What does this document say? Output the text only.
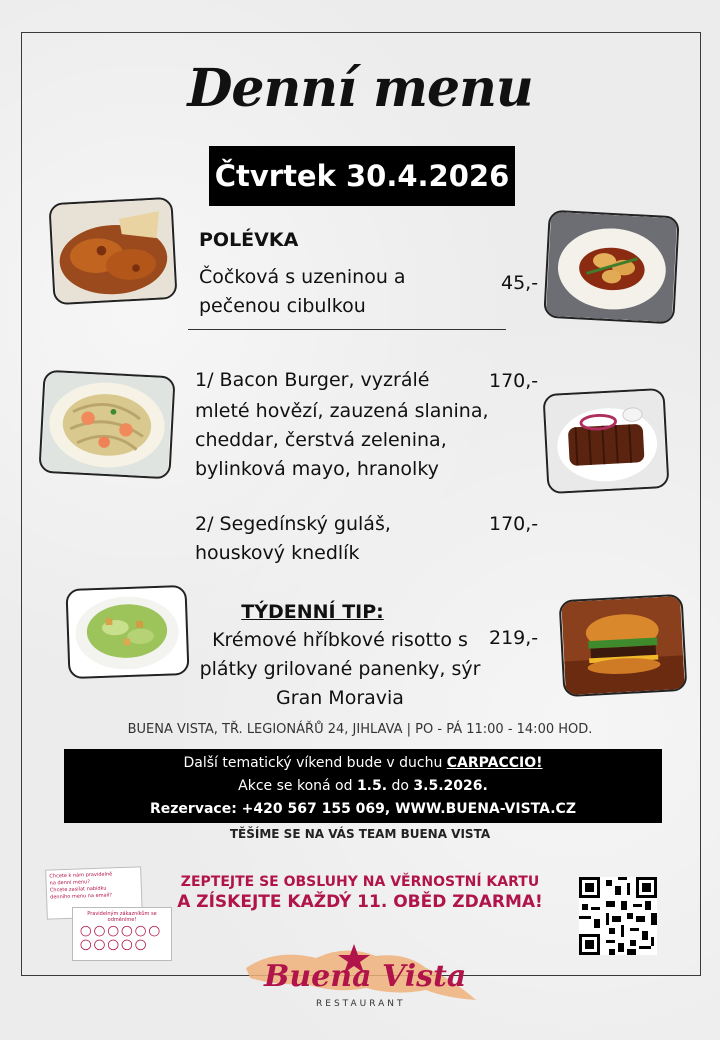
Denní menu
Čtvrtek 30.4.2026
POLÉVKA
Čočková s uzeninou a
pečenou cibulkou
45,-
1/ Bacon Burger, vyzrálé
mleté hovězí, zauzená slanina,
cheddar, čerstvá zelenina,
bylinková mayo, hranolky
170,-
2/ Segedínský guláš,
houskový knedlík
170,-
TÝDENNÍ TIP:
Krémové hříbkové risotto s
plátky grilované panenky, sýr
Gran Moravia
219,-
BUENA VISTA, TŘ. LEGIONÁŘŮ 24, JIHLAVA | PO - PÁ 11:00 - 14:00 HOD.
Další tematický víkend bude v duchu CARPACCIO!
Akce se koná od 1.5. do 3.5.2026.
Rezervace: +420 567 155 069, WWW.BUENA-VISTA.CZ
TĚŠÍME SE NA VÁS TEAM BUENA VISTA
Chcete k nám pravidelně
na denní menu?
Chcete zasílat nabídku
denního menu na email?
Pravidelným zákazníkům se odměníme!
ZEPTEJTE SE OBSLUHY NA VĚRNOSTNÍ KARTU
A ZÍSKEJTE KAŽDÝ 11. OBĚD ZDARMA!
Buena Vista
RESTAURANT
